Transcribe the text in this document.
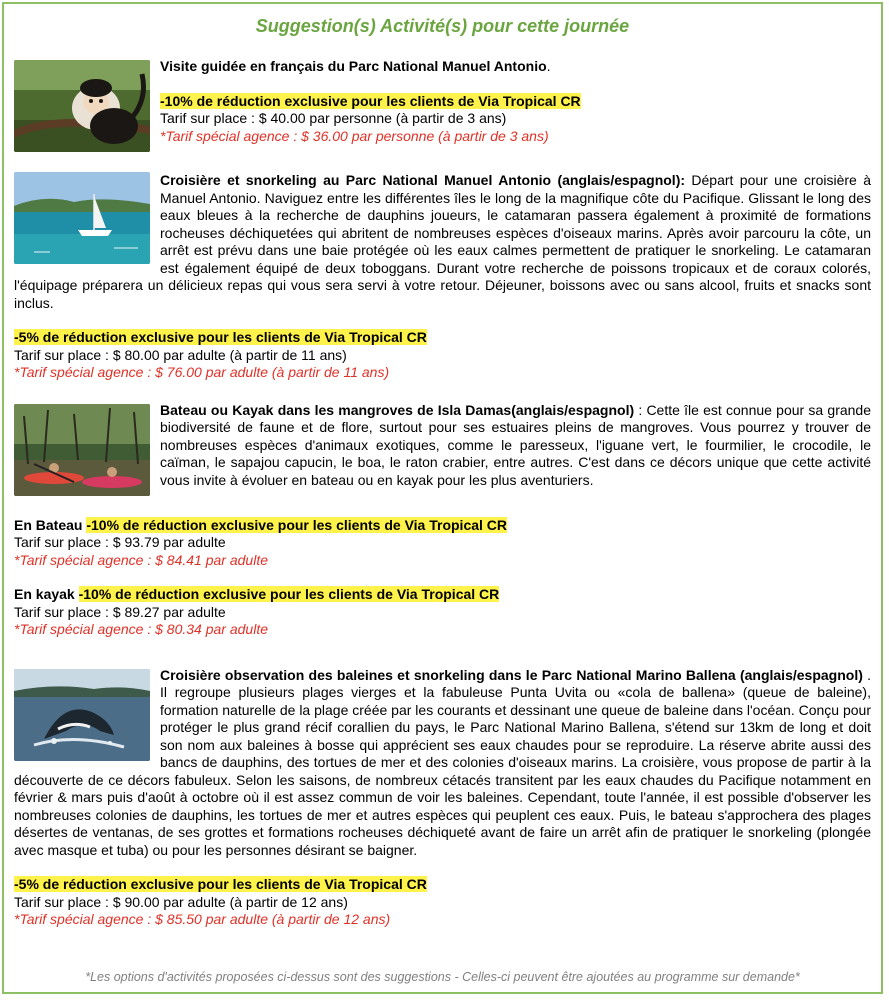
Suggestion(s) Activité(s) pour cette journée
Visite guidée en français du Parc National Manuel Antonio.
-10% de réduction exclusive pour les clients de Via Tropical CR
Tarif sur place : $ 40.00 par personne (à partir de 3 ans)
*Tarif spécial agence : $ 36.00 par personne (à partir de 3 ans)
Croisière et snorkeling au Parc National Manuel Antonio (anglais/espagnol): Départ pour une croisière à Manuel Antonio. Naviguez entre les différentes îles le long de la magnifique côte du Pacifique. Glissant le long des eaux bleues à la recherche de dauphins joueurs, le catamaran passera également à proximité de formations rocheuses déchiquetées qui abritent de nombreuses espèces d'oiseaux marins. Après avoir parcouru la côte, un arrêt est prévu dans une baie protégée où les eaux calmes permettent de pratiquer le snorkeling. Le catamaran est également équipé de deux toboggans. Durant votre recherche de poissons tropicaux et de coraux colorés, l'équipage préparera un délicieux repas qui vous sera servi à votre retour. Déjeuner, boissons avec ou sans alcool, fruits et snacks sont inclus.
-5% de réduction exclusive pour les clients de Via Tropical CR
Tarif sur place : $ 80.00 par adulte (à partir de 11 ans)
*Tarif spécial agence : $ 76.00 par adulte (à partir de 11 ans)
Bateau ou Kayak dans les mangroves de Isla Damas(anglais/espagnol) : Cette île est connue pour sa grande biodiversité de faune et de flore, surtout pour ses estuaires pleins de mangroves. Vous pourrez y trouver de nombreuses espèces d'animaux exotiques, comme le paresseux, l'iguane vert, le fourmilier, le crocodile, le caïman, le sapajou capucin, le boa, le raton crabier, entre autres. C'est dans ce décors unique que cette activité vous invite à évoluer en bateau ou en kayak pour les plus aventuriers.
En Bateau -10% de réduction exclusive pour les clients de Via Tropical CR
Tarif sur place : $ 93.79 par adulte
*Tarif spécial agence : $ 84.41 par adulte
En kayak -10% de réduction exclusive pour les clients de Via Tropical CR
Tarif sur place : $ 89.27 par adulte
*Tarif spécial agence : $ 80.34 par adulte
Croisière observation des baleines et snorkeling dans le Parc National Marino Ballena (anglais/espagnol) . Il regroupe plusieurs plages vierges et la fabuleuse Punta Uvita ou «cola de ballena» (queue de baleine), formation naturelle de la plage créée par les courants et dessinant une queue de baleine dans l'océan. Conçu pour protéger le plus grand récif corallien du pays, le Parc National Marino Ballena, s'étend sur 13km de long et doit son nom aux baleines à bosse qui apprécient ses eaux chaudes pour se reproduire. La réserve abrite aussi des bancs de dauphins, des tortues de mer et des colonies d'oiseaux marins. La croisière, vous propose de partir à la découverte de ce décors fabuleux. Selon les saisons, de nombreux cétacés transitent par les eaux chaudes du Pacifique notamment en février & mars puis d'août à octobre où il est assez commun de voir les baleines. Cependant, toute l'année, il est possible d'observer les nombreuses colonies de dauphins, les tortues de mer et autres espèces qui peuplent ces eaux. Puis, le bateau s'approchera des plages désertes de ventanas, de ses grottes et formations rocheuses déchiqueté avant de faire un arrêt afin de pratiquer le snorkeling (plongée avec masque et tuba) ou pour les personnes désirant se baigner.
-5% de réduction exclusive pour les clients de Via Tropical CR
Tarif sur place : $ 90.00 par adulte (à partir de 12 ans)
*Tarif spécial agence : $ 85.50 par adulte (à partir de 12 ans)
*Les options d'activités proposées ci-dessus sont des suggestions - Celles-ci peuvent être ajoutées au programme sur demande*
